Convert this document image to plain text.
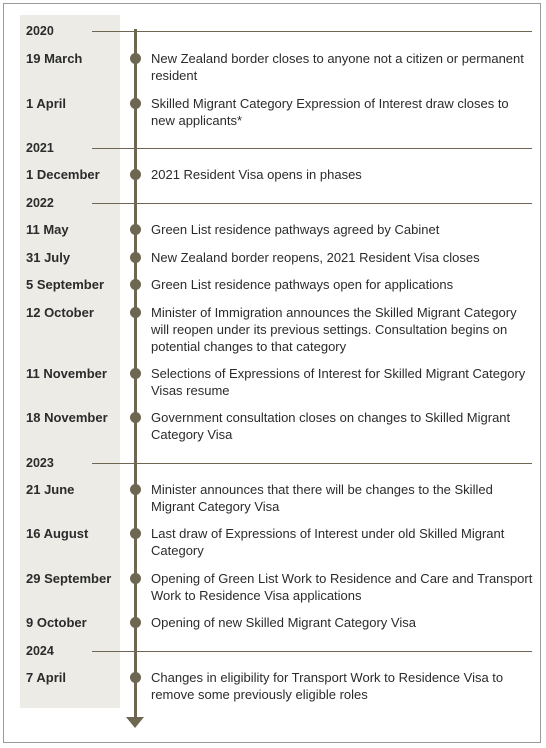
2020
19 March	New Zealand border closes to anyone not a citizen or permanent resident
1 April	Skilled Migrant Category Expression of Interest draw closes to new applicants*
2021
1 December	2021 Resident Visa opens in phases
2022
11 May	Green List residence pathways agreed by Cabinet
31 July	New Zealand border reopens, 2021 Resident Visa closes
5 September	Green List residence pathways open for applications
12 October	Minister of Immigration announces the Skilled Migrant Category will reopen under its previous settings. Consultation begins on potential changes to that category
11 November	Selections of Expressions of Interest for Skilled Migrant Category Visas resume
18 November	Government consultation closes on changes to Skilled Migrant Category Visa
2023
21 June	Minister announces that there will be changes to the Skilled Migrant Category Visa
16 August	Last draw of Expressions of Interest under old Skilled Migrant Category
29 September	Opening of Green List Work to Residence and Care and Transport Work to Residence Visa applications
9 October	Opening of new Skilled Migrant Category Visa
2024
7 April	Changes in eligibility for Transport Work to Residence Visa to remove some previously eligible roles
